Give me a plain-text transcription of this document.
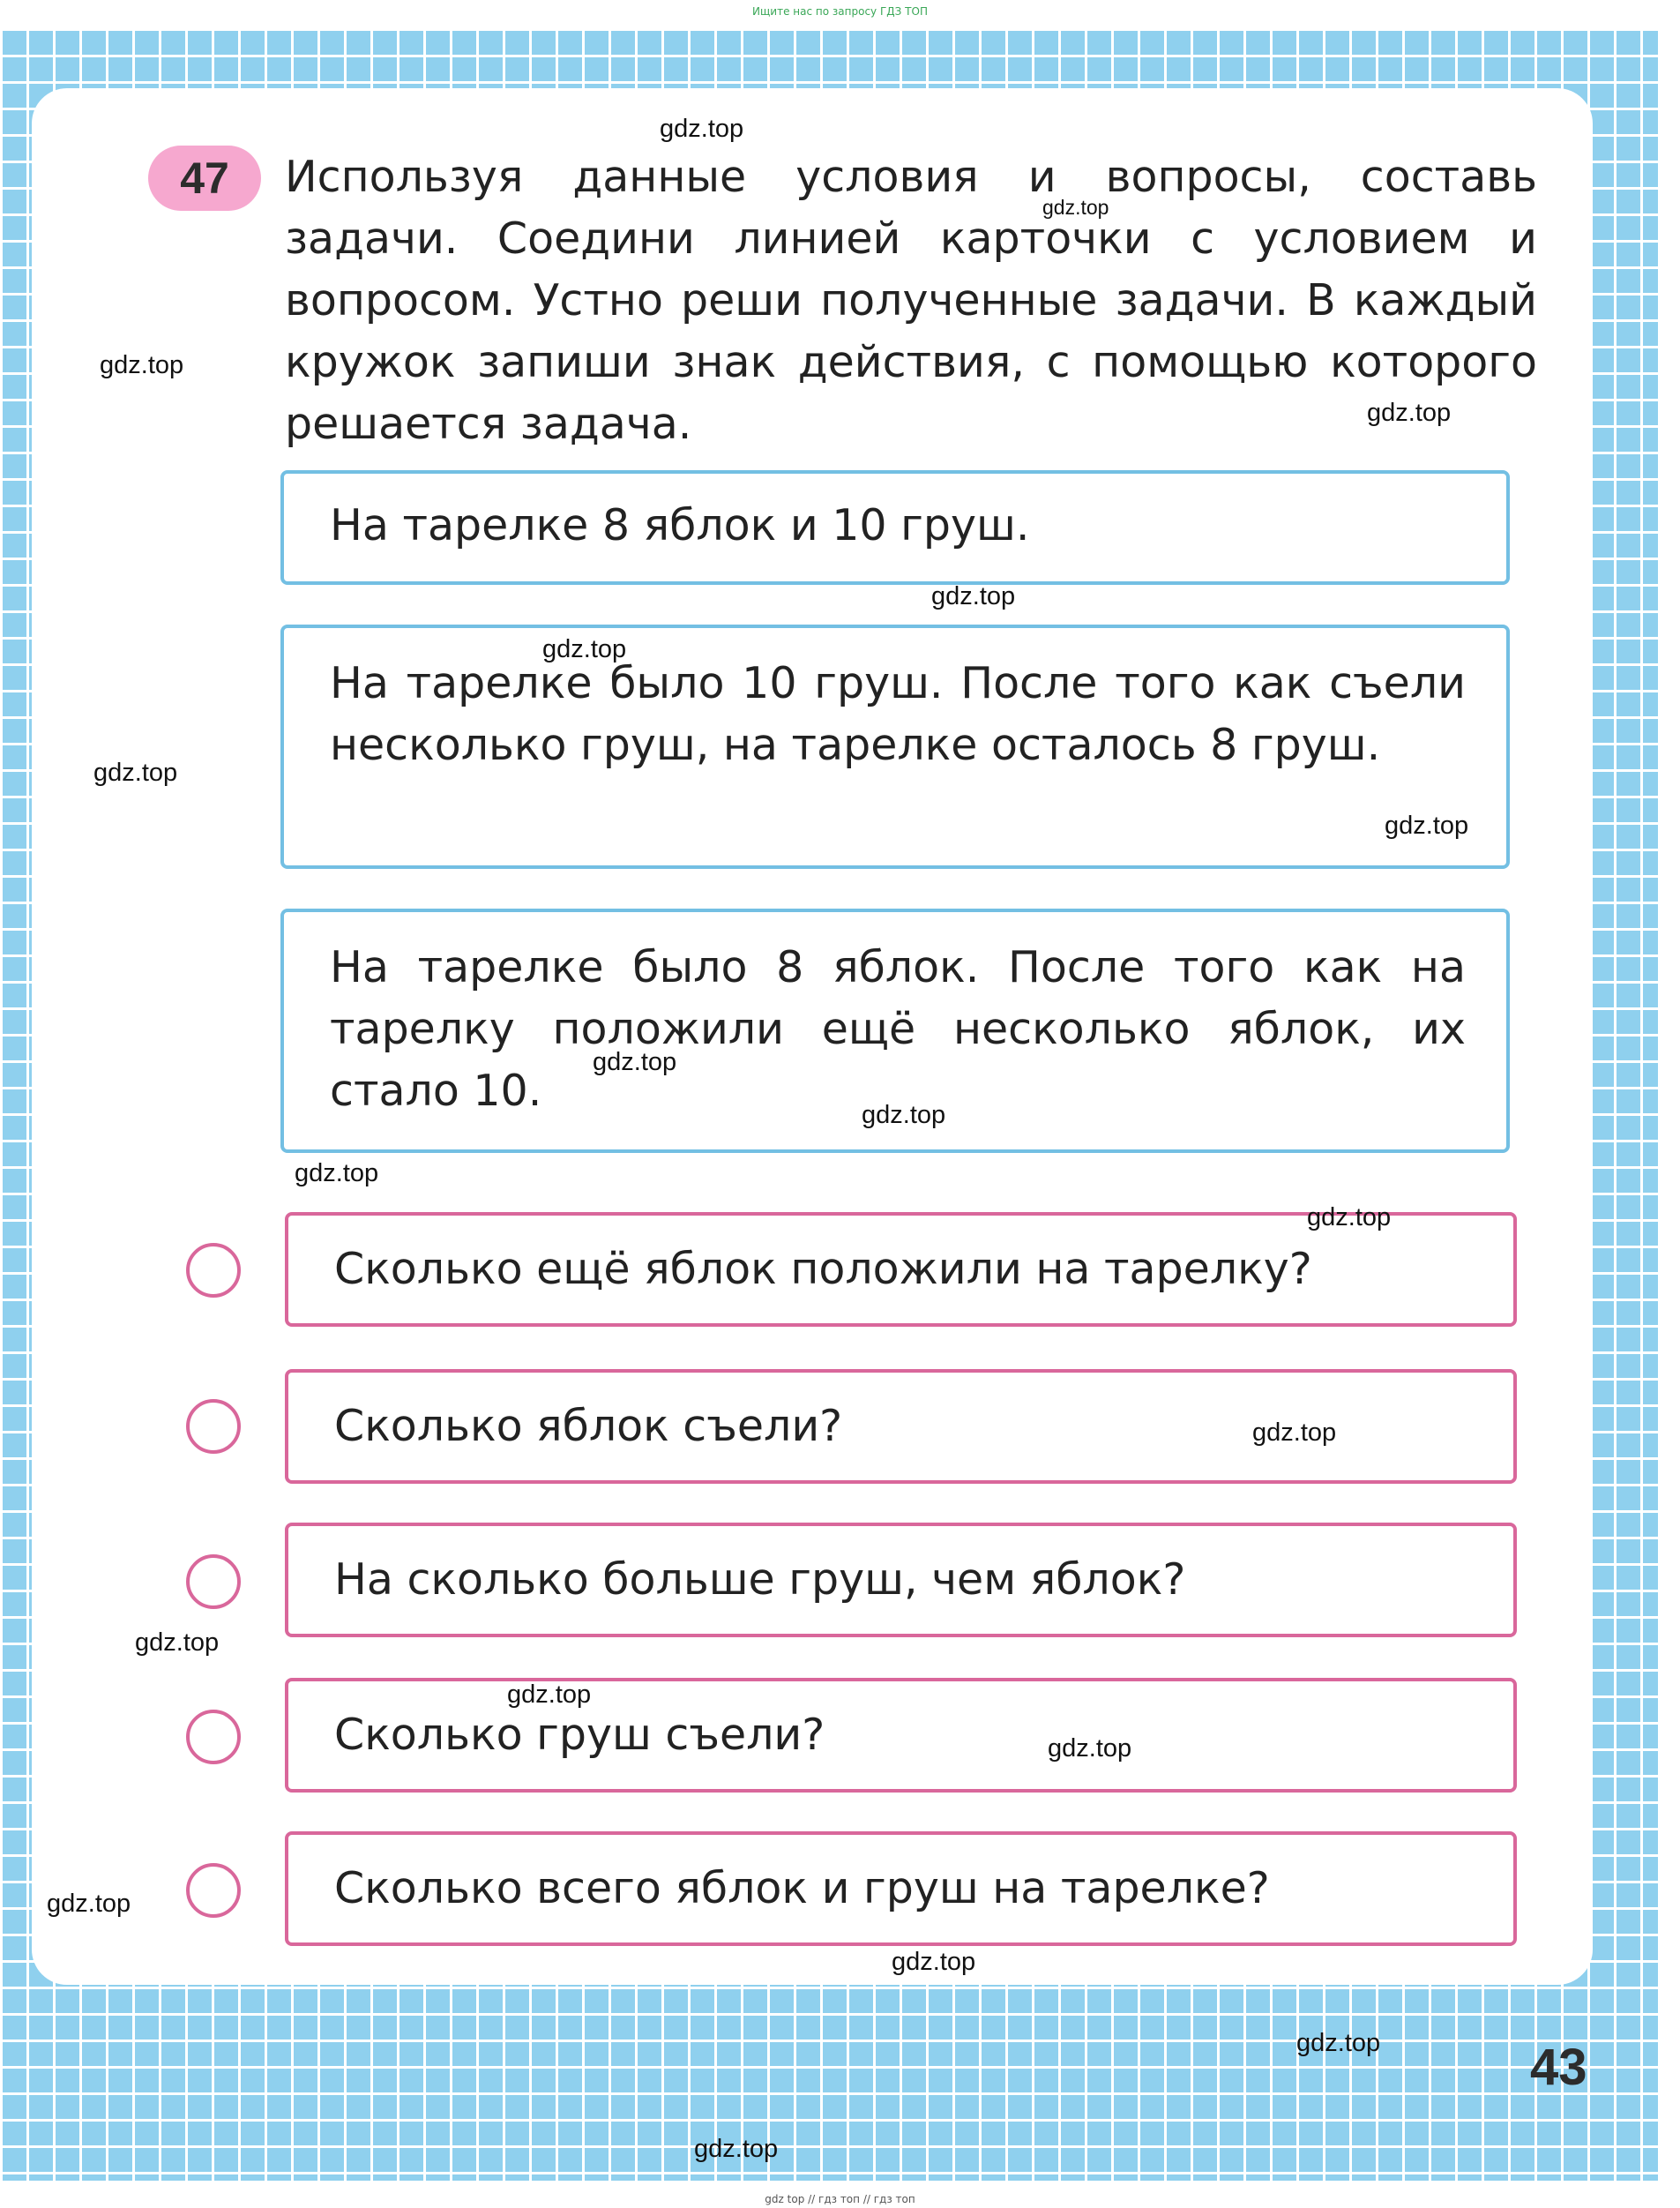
Ищите нас по запросу ГДЗ ТОП
47	Используя данные условия и вопросы, составь задачи. Соедини линией карточки с условием и вопросом. Устно реши полученные задачи. В каждый кружок запиши знак действия, с помощью которого решается задача.

На тарелке 8 яблок и 10 груш.

На тарелке было 10 груш. После того как съели несколько груш, на тарелке осталось 8 груш.

На тарелке было 8 яблок. После того как на тарелку положили ещё несколько яблок, их стало 10.

Сколько ещё яблок положили на тарелку?

Сколько яблок съели?

На сколько больше груш, чем яблок?

Сколько груш съели?

Сколько всего яблок и груш на тарелке?

gdz.top
gdz.top
gdz.top
gdz.top
gdz.top
gdz.top
gdz.top
gdz.top
gdz.top
gdz.top
gdz.top
gdz.top
gdz.top
gdz.top
gdz.top
gdz.top
gdz.top
gdz.top
gdz.top
gdz.top
43
gdz top // гдз топ // гдз топ
